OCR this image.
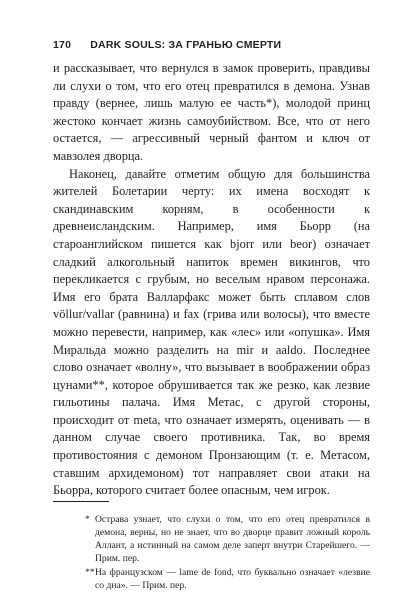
170 DARK SOULS: ЗА ГРАНЬЮ СМЕРТИ

и рассказывает, что вернулся в замок проверить, правдивы ли слухи о том, что его отец превратился в демона. Узнав правду (вернее, лишь малую ее часть*), молодой принц жестоко кончает жизнь самоубийством. Все, что от него остается, — агрессивный черный фантом и ключ от мавзолея дворца.

Наконец, давайте отметим общую для большинства жителей Болетарии черту: их имена восходят к скандинавским корням, в особенности к древнеисландским. Например, имя Бьорр (на староанглийском пишется как bjorr или beor) означает сладкий алкогольный напиток времен викингов, что перекликается с грубым, но веселым нравом персонажа. Имя его брата Валларфакс может быть сплавом слов völlur/vallar (равнина) и fax (грива или волосы), что вместе можно перевести, например, как «лес» или «опушка». Имя Миральда можно разделить на mir и aaldo. Последнее слово означает «волну», что вызывает в воображении образ цунами**, которое обрушивается так же резко, как лезвие гильотины палача. Имя Метас, с другой стороны, происходит от meta, что означает измерять, оценивать — в данном случае своего противника. Так, во время противостояния с демоном Пронзающим (т. е. Метасом, ставшим архидемоном) тот направляет свои атаки на Бьорра, которого считает более опасным, чем игрок.

* Острава узнает, что слухи о том, что его отец превратился в демона, верны, но не знает, что во дворце правит ложный король Аллант, а истинный на самом деле заперт внутри Старейшего. — Прим. пер.
** На французском — lame de fond, что буквально означает «лезвие со дна». — Прим. пер.
